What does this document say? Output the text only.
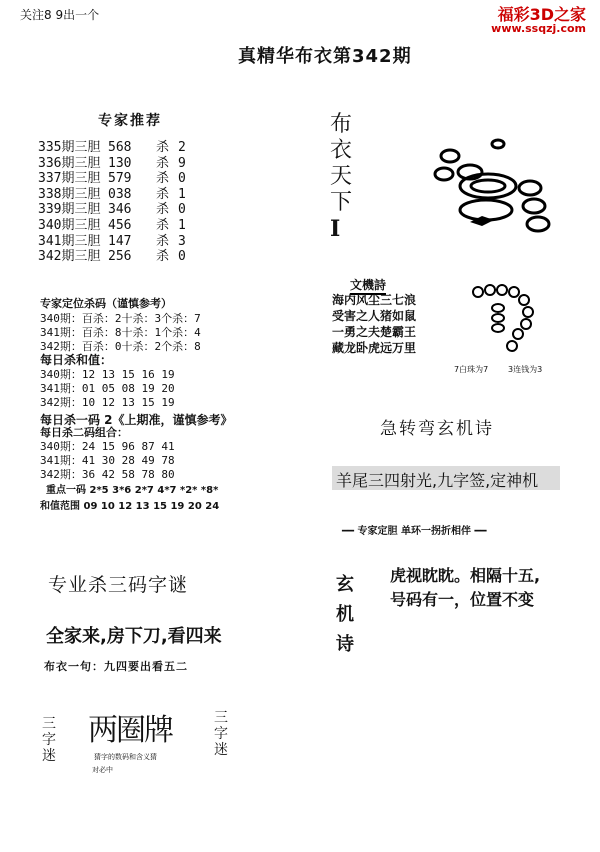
关注8 9出一个	福彩3D之家
www.ssqzj.com
真精华布衣第342期
专家推荐
335期三胆 568 杀 2
336期三胆 130 杀 9
337期三胆 579 杀 0
338期三胆 038 杀 1
339期三胆 346 杀 0
340期三胆 456 杀 1
341期三胆 147 杀 3
342期三胆 256 杀 0
专家定位杀码（谨慎参考）
340期：百杀：2十杀：3个杀：7
341期：百杀：8十杀：1个杀：4
342期：百杀：0十杀：2个杀：8
每日杀和值：
340期：12 13 15 16 19
341期：01 05 08 19 20
342期：10 12 13 15 19
每日杀一码 2《上期准，谨慎参考》
每日杀二码组合：
340期：24 15 96 87 41
341期：41 30 28 49 78
342期：36 42 58 78 80
重点一码 2*5 3*6 2*7 4*7 *2* *8*
和值范围 09 10 12 13 15 19 20 24
专业杀三码字谜
全家来,房下刀,看四来
布衣一句：九四要出看五二
三
字
迷
两圈牌	三
字
迷
猜字的数码和含义猜
对必中
布
衣
天
下
I
文機詩
海内风尘三七浪
受害之人猪如鼠
一勇之夫楚霸王
藏龙卧虎远万里
7白珠为7 3连钱为3
急转弯玄机诗
羊尾三四射光,九字签,定神机
━━ 专家定胆 单环一拐折相伴 ━━
玄
机
诗
虎视眈眈。相隔十五,
号码有一，位置不变
